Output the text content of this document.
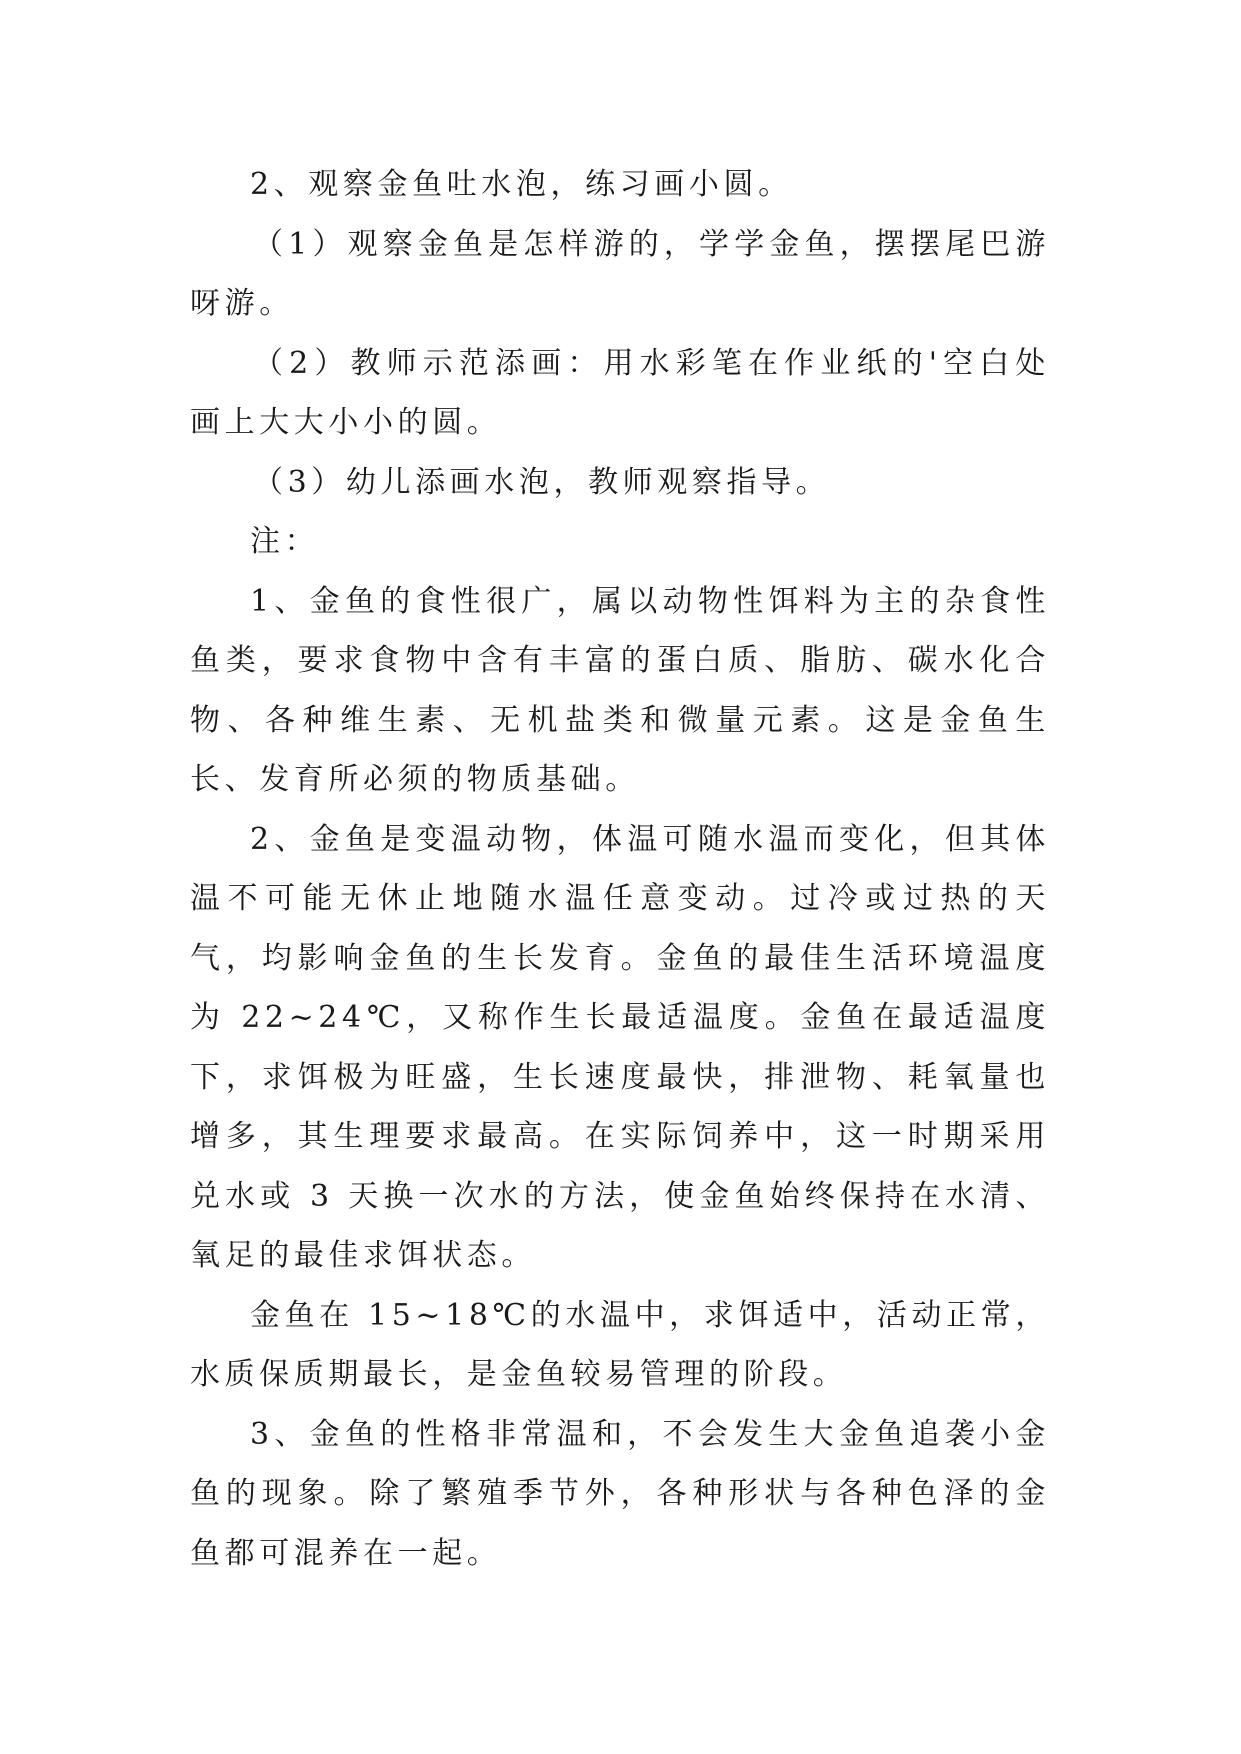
2、观察金鱼吐水泡，练习画小圆。

（1）观察金鱼是怎样游的，学学金鱼，摆摆尾巴游呀游。

（2）教师示范添画：用水彩笔在作业纸的'空白处画上大大小小的圆。

（3）幼儿添画水泡，教师观察指导。

注：

1、金鱼的食性很广，属以动物性饵料为主的杂食性鱼类，要求食物中含有丰富的蛋白质、脂肪、碳水化合物、各种维生素、无机盐类和微量元素。这是金鱼生长、发育所必须的物质基础。

2、金鱼是变温动物，体温可随水温而变化，但其体温不可能无休止地随水温任意变动。过冷或过热的天气，均影响金鱼的生长发育。金鱼的最佳生活环境温度为 22~24℃，又称作生长最适温度。金鱼在最适温度下，求饵极为旺盛，生长速度最快，排泄物、耗氧量也增多，其生理要求最高。在实际饲养中，这一时期采用兑水或 3 天换一次水的方法，使金鱼始终保持在水清、氧足的最佳求饵状态。

金鱼在 15~18℃的水温中，求饵适中，活动正常，水质保质期最长，是金鱼较易管理的阶段。

3、金鱼的性格非常温和，不会发生大金鱼追袭小金鱼的现象。除了繁殖季节外，各种形状与各种色泽的金鱼都可混养在一起。
